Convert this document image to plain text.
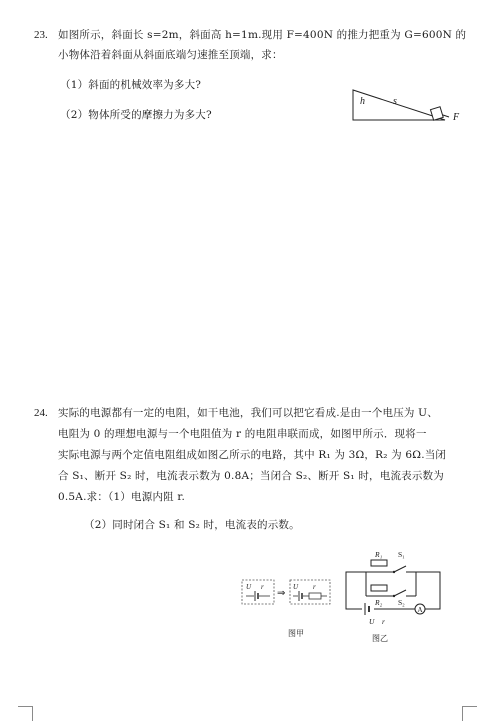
23. 如图所示，斜面长 s=2m，斜面高 h=1m.现用 F=400N 的推力把重为 G=600N 的
小物体沿着斜面从斜面底端匀速推至顶端，求：
（1）斜面的机械效率为多大?
（2）物体所受的摩擦力为多大?
h	s
F
24. 实际的电源都有一定的电阻，如干电池，我们可以把它看成.是由一个电压为 U、
电阻为 0 的理想电源与一个电阻值为 r 的电阻串联而成，如图甲所示．现将一
实际电源与两个定值电阻组成如图乙所示的电路，其中 R₁ 为 3Ω，R₂ 为 6Ω.当闭
合 S₁、断开 S₂ 时，电流表示数为 0.8A；当闭合 S₂、断开 S₁ 时，电流表示数为
0.5A.求：（1）电源内阻 r.
（2）同时闭合 S₁ 和 S₂ 时，电流表的示数。
U r
⇒
U r
图甲
R₁ S₁
R₂ S₂
A
U r
图乙
